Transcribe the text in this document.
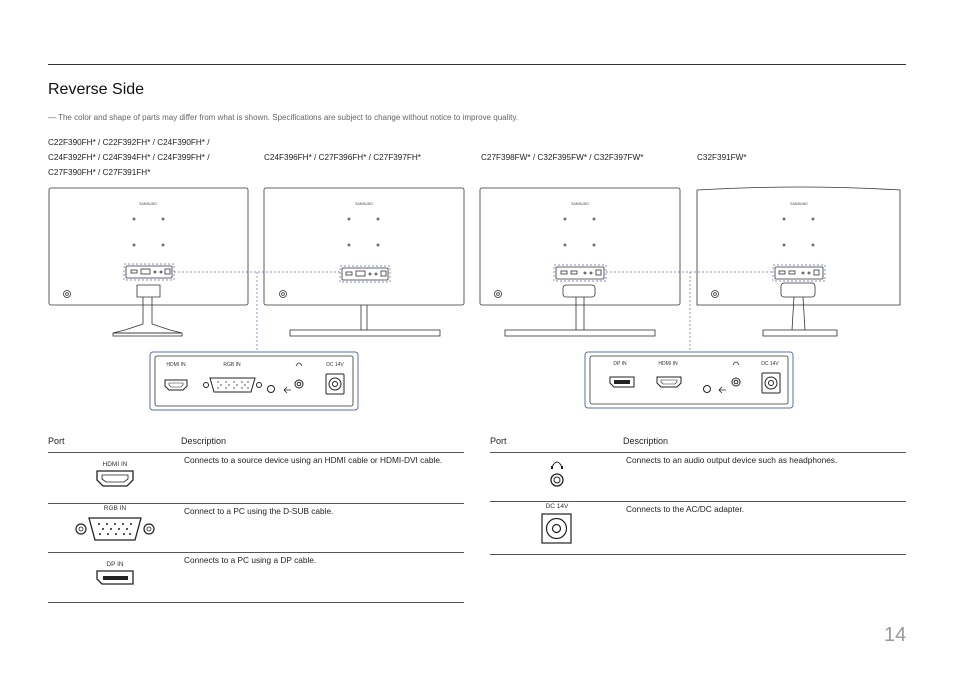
Reverse Side
― The color and shape of parts may differ from what is shown. Specifications are subject to change without notice to improve quality.
C22F390FH* / C22F392FH* / C24F390FH* /
C24F392FH* / C24F394FH* / C24F399FH* /
C27F390FH* / C27F391FH*
C24F396FH* / C27F396FH* / C27F397FH*	C27F398FW* / C32F395FW* / C32F397FW*	C32F391FW*
SAMSUNG	SAMSUNG	SAMSUNG	SAMSUNG
HDMI IN	RGB IN	DC 14V	DP IN	HDMI IN	DC 14V
Port	Description
HDMI IN	Connects to a source device using an HDMI cable or HDMI-DVI cable.
RGB IN	Connect to a PC using the D-SUB cable.
DP IN	Connects to a PC using a DP cable.
Port	Description
Connects to an audio output device such as headphones.
DC 14V	Connects to the AC/DC adapter.
14
